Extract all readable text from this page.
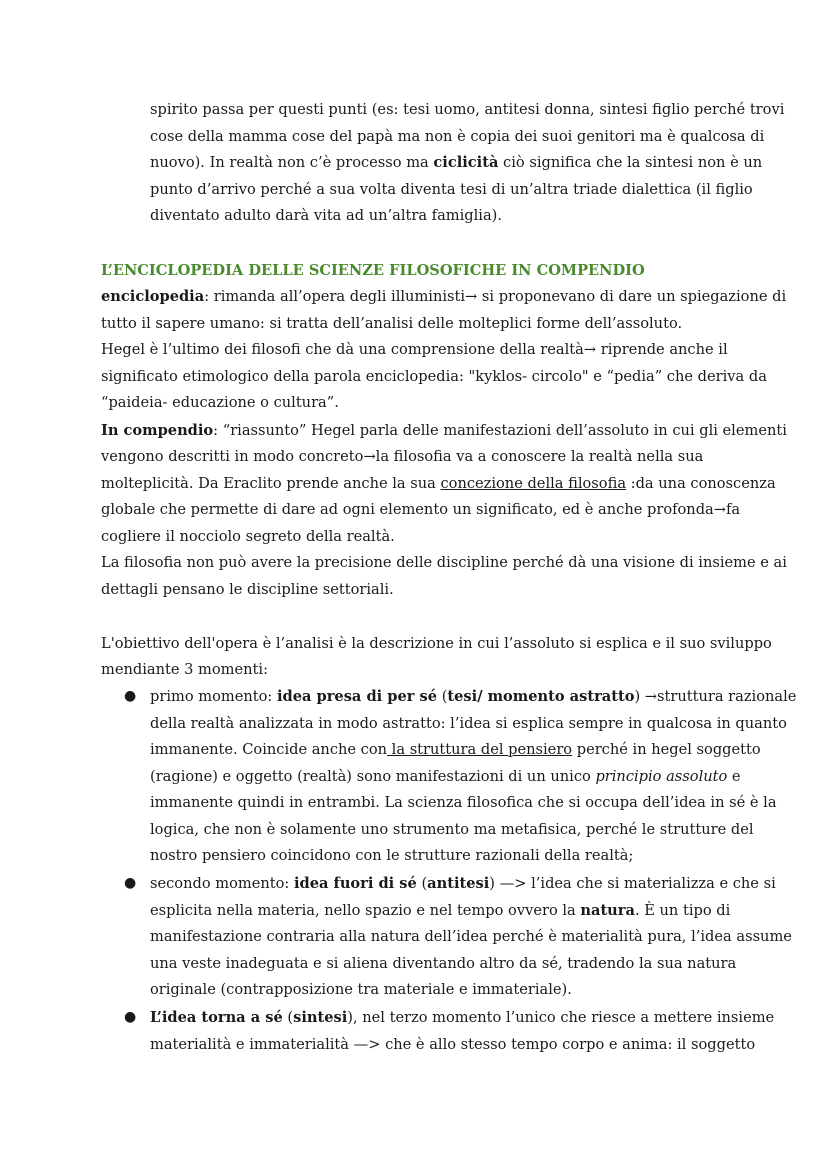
spirito passa per questi punti (es: tesi uomo, antitesi donna, sintesi figlio perché trovi
cose della mamma cose del papà ma non è copia dei suoi genitori ma è qualcosa di
nuovo). In realtà non c’è processo ma ciclicità ciò significa che la sintesi non è un
punto d’arrivo perché a sua volta diventa tesi di un’altra triade dialettica (il figlio
diventato adulto darà vita ad un’altra famiglia).
L’ENCICLOPEDIA DELLE SCIENZE FILOSOFICHE IN COMPENDIO
enciclopedia: rimanda all’opera degli illuministi→ si proponevano di dare un spiegazione di
tutto il sapere umano: si tratta dell’analisi delle molteplici forme dell’assoluto.
Hegel è l’ultimo dei filosofi che dà una comprensione della realtà→ riprende anche il
significato etimologico della parola enciclopedia: "kyklos- circolo" e “pedia” che deriva da
“paideia- educazione o cultura”.
In compendio: “riassunto” Hegel parla delle manifestazioni dell’assoluto in cui gli elementi
vengono descritti in modo concreto→la filosofia va a conoscere la realtà nella sua
molteplicità. Da Eraclito prende anche la sua concezione della filosofia :da una conoscenza
globale che permette di dare ad ogni elemento un significato, ed è anche profonda→fa
cogliere il nocciolo segreto della realtà.
La filosofia non può avere la precisione delle discipline perché dà una visione di insieme e ai
dettagli pensano le discipline settoriali.
L'obiettivo dell'opera è l’analisi è la descrizione in cui l’assoluto si esplica e il suo sviluppo
mendiante 3 momenti:
● primo momento: idea presa di per sé (tesi/ momento astratto) →struttura razionale
della realtà analizzata in modo astratto: l’idea si esplica sempre in qualcosa in quanto
immanente. Coincide anche con la struttura del pensiero perché in hegel soggetto
(ragione) e oggetto (realtà) sono manifestazioni di un unico principio assoluto e
immanente quindi in entrambi. La scienza filosofica che si occupa dell’idea in sé è la
logica, che non è solamente uno strumento ma metafisica, perché le strutture del
nostro pensiero coincidono con le strutture razionali della realtà;
● secondo momento: idea fuori di sé (antitesi) —> l’idea che si materializza e che si
esplicita nella materia, nello spazio e nel tempo ovvero la natura. È un tipo di
manifestazione contraria alla natura dell’idea perché è materialità pura, l’idea assume
una veste inadeguata e si aliena diventando altro da sé, tradendo la sua natura
originale (contrapposizione tra materiale e immateriale).
● L’idea torna a sé (sintesi), nel terzo momento l’unico che riesce a mettere insieme
materialità e immaterialità —> che è allo stesso tempo corpo e anima: il soggetto
